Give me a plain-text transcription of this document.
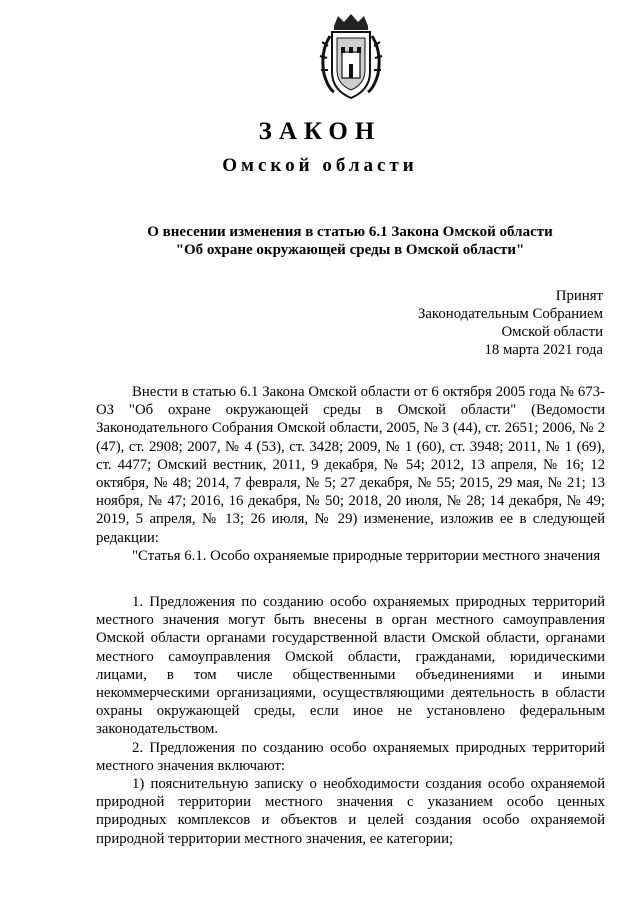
ЗАКОН
Омской области
О внесении изменения в статью 6.1 Закона Омской области
"Об охране окружающей среды в Омской области"
Принят
Законодательным Собранием
Омской области
18 марта 2021 года

Внести в статью 6.1 Закона Омской области от 6 октября 2005 года № 673-ОЗ "Об охране окружающей среды в Омской области" (Ведомости Законодательного Собрания Омской области, 2005, № 3 (44), ст. 2651; 2006, № 2 (47), ст. 2908; 2007, № 4 (53), ст. 3428; 2009, № 1 (60), ст. 3948; 2011, № 1 (69), ст. 4477; Омский вестник, 2011, 9 декабря, № 54; 2012, 13 апреля, № 16; 12 октября, № 48; 2014, 7 февраля, № 5; 27 декабря, № 55; 2015, 29 мая, № 21; 13 ноября, № 47; 2016, 16 декабря, № 50; 2018, 20 июля, № 28; 14 декабря, № 49; 2019, 5 апреля, № 13; 26 июля, № 29) изменение, изложив ее в следующей редакции:

"Статья 6.1. Особо охраняемые природные территории местного значения

1. Предложения по созданию особо охраняемых природных территорий местного значения могут быть внесены в орган местного самоуправления Омской области органами государственной власти Омской области, органами местного самоуправления Омской области, гражданами, юридическими лицами, в том числе общественными объединениями и иными некоммерческими организациями, осуществляющими деятельность в области охраны окружающей среды, если иное не установлено федеральным законодательством.

2. Предложения по созданию особо охраняемых природных территорий местного значения включают:

1) пояснительную записку о необходимости создания особо охраняемой природной территории местного значения с указанием особо ценных природных комплексов и объектов и целей создания особо охраняемой природной территории местного значения, ее категории;
